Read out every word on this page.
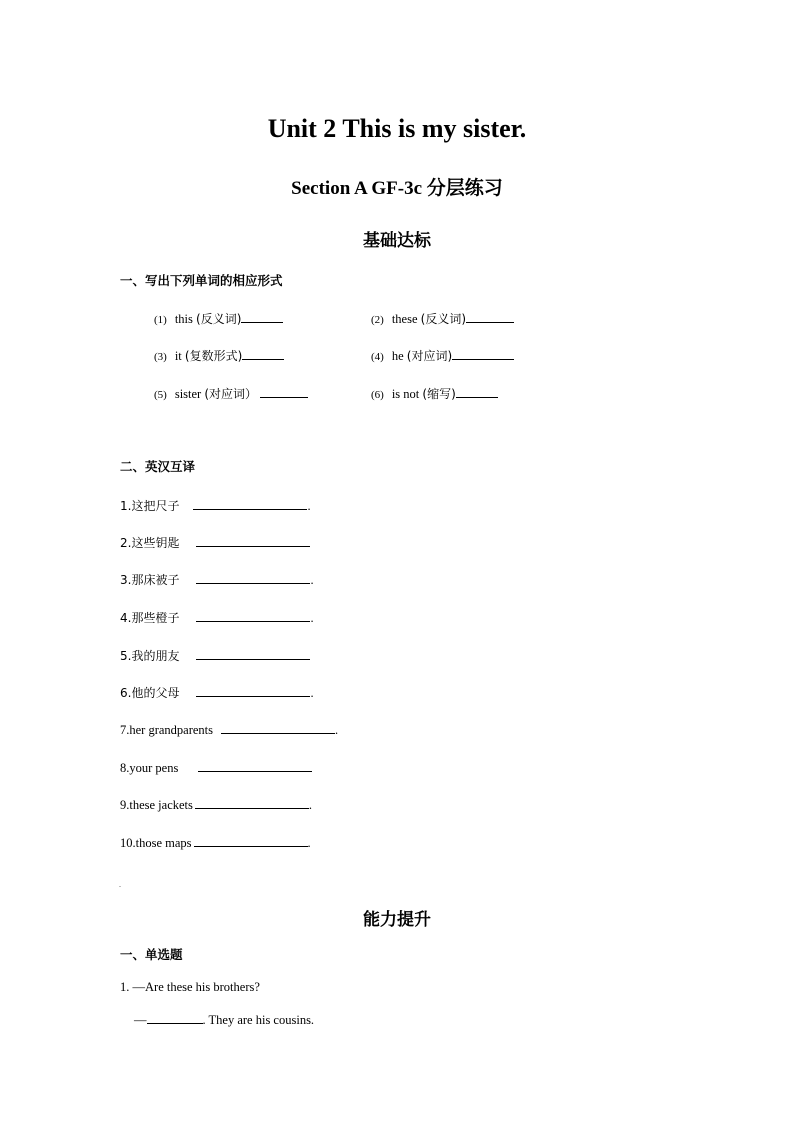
Unit 2 This is my sister.
Section A GF-3c 分层练习
基础达标
一、写出下列单词的相应形式
(1) this (反义词)	(2) these (反义词)
(3) it (复数形式)	(4) he (对应词)
(5) sister (对应词）	(6) is not (缩写)
二、英汉互译
1.这把尺子	.
2.这些钥匙
3.那床被子	.
4.那些橙子	.
5.我的朋友
6.他的父母	.
7.her grandparents	.
8.your pens
9.these jackets	.
10.those maps	.
.
能力提升
一、单选题
1. —Are these his brothers?
—	. They are his cousins.
